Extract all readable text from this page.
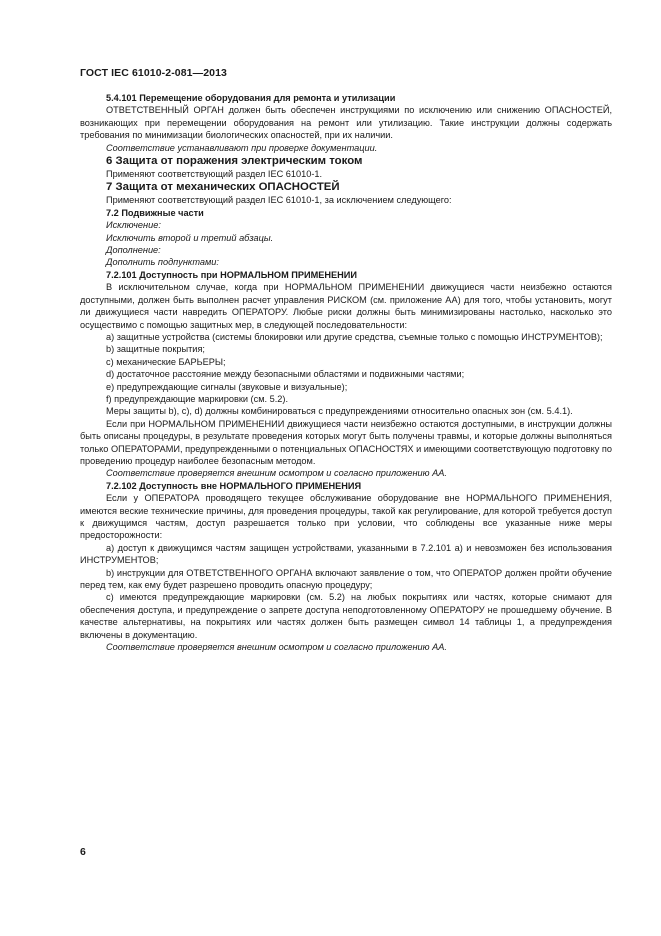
ГОСТ IEC 61010-2-081—2013

5.4.101 Перемещение оборудования для ремонта и утилизации

ОТВЕТСТВЕННЫЙ ОРГАН должен быть обеспечен инструкциями по исключению или снижению ОПАСНОСТЕЙ, возникающих при перемещении оборудования на ремонт или утилизацию. Такие инструкции должны содержать требования по минимизации биологических опасностей, при их наличии.

Соответствие устанавливают при проверке документации.

6 Защита от поражения электрическим током

Применяют соответствующий раздел IEC 61010-1.

7 Защита от механических ОПАСНОСТЕЙ

Применяют соответствующий раздел IEC 61010-1, за исключением следующего:

7.2 Подвижные части

Исключение:

Исключить второй и третий абзацы.

Дополнение:

Дополнить подпунктами:

7.2.101 Доступность при НОРМАЛЬНОМ ПРИМЕНЕНИИ

В исключительном случае, когда при НОРМАЛЬНОМ ПРИМЕНЕНИИ движущиеся части неизбежно остаются доступными, должен быть выполнен расчет управления РИСКОМ (см. приложение АА) для того, чтобы установить, могут ли движущиеся части навредить ОПЕРАТОРУ. Любые риски должны быть минимизированы настолько, насколько это осуществимо с помощью защитных мер, в следующей последовательности:

а) защитные устройства (системы блокировки или другие средства, съемные только с помощью ИНСТРУМЕНТОВ);

b) защитные покрытия;

c) механические БАРЬЕРЫ;

d) достаточное расстояние между безопасными областями и подвижными частями;

e) предупреждающие сигналы (звуковые и визуальные);

f) предупреждающие маркировки (см. 5.2).

Меры защиты b), c), d) должны комбинироваться с предупреждениями относительно опасных зон (см. 5.4.1).

Если при НОРМАЛЬНОМ ПРИМЕНЕНИИ движущиеся части неизбежно остаются доступными, в инструкции должны быть описаны процедуры, в результате проведения которых могут быть получены травмы, и которые должны выполняться только ОПЕРАТОРАМИ, предупрежденными о потенциальных ОПАСНОСТЯХ и имеющими соответствующую подготовку по проведению процедур наиболее безопасным методом.

Соответствие проверяется внешним осмотром и согласно приложению АА.

7.2.102 Доступность вне НОРМАЛЬНОГО ПРИМЕНЕНИЯ

Если у ОПЕРАТОРА проводящего текущее обслуживание оборудование вне НОРМАЛЬНОГО ПРИМЕНЕНИЯ, имеются веские технические причины, для проведения процедуры, такой как регулирование, для которой требуется доступ к движущимся частям, доступ разрешается только при условии, что соблюдены все указанные ниже меры предосторожности:

а) доступ к движущимся частям защищен устройствами, указанными в 7.2.101 а) и невозможен без использования ИНСТРУМЕНТОВ;

b) инструкции для ОТВЕТСТВЕННОГО ОРГАНА включают заявление о том, что ОПЕРАТОР должен пройти обучение перед тем, как ему будет разрешено проводить опасную процедуру;

c) имеются предупреждающие маркировки (см. 5.2) на любых покрытиях или частях, которые снимают для обеспечения доступа, и предупреждение о запрете доступа неподготовленному ОПЕРАТОРУ не прошедшему обучение. В качестве альтернативы, на покрытиях или частях должен быть размещен символ 14 таблицы 1, а предупреждения включены в документацию.

Соответствие проверяется внешним осмотром и согласно приложению АА.

6
